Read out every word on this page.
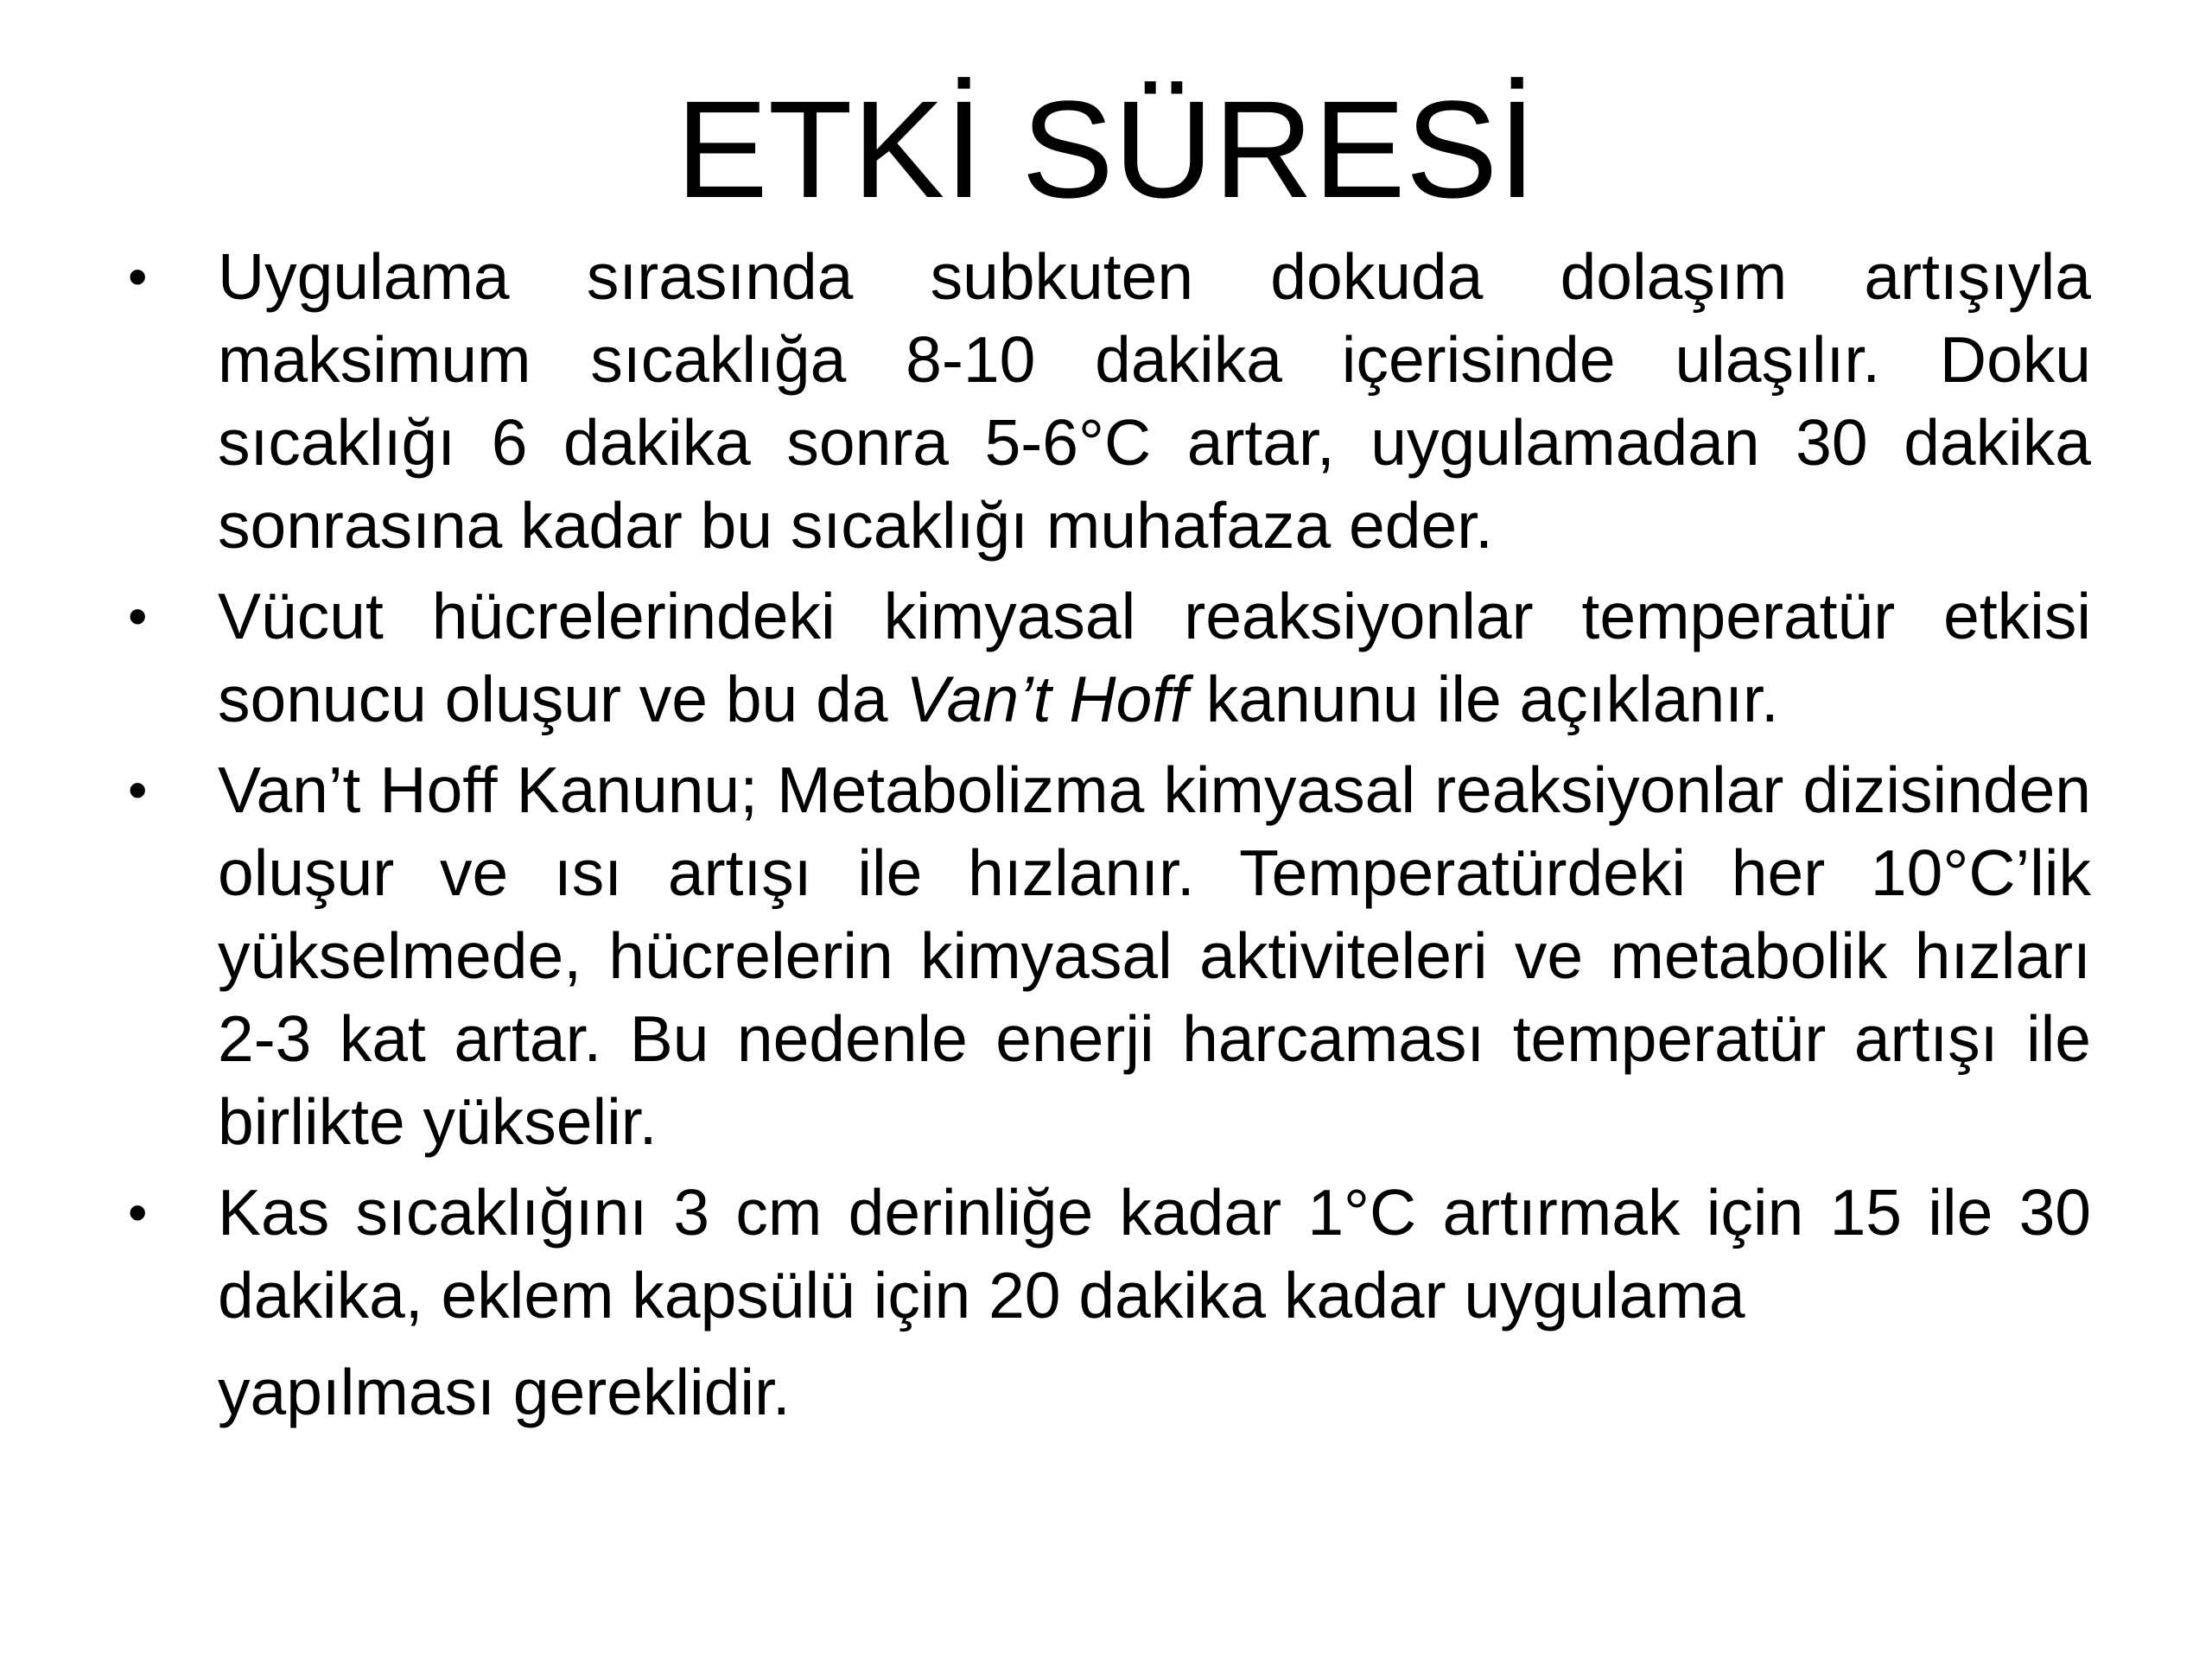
ETKİ SÜRESİ
• Uygulama sırasında subkuten dokuda dolaşım artışıyla maksimum sıcaklığa 8-10 dakika içerisinde ulaşılır. Doku sıcaklığı 6 dakika sonra 5-6°C artar, uygulamadan 30 dakika sonrasına kadar bu sıcaklığı muhafaza eder.
• Vücut hücrelerindeki kimyasal reaksiyonlar temperatür etkisi sonucu oluşur ve bu da Van’t Hoff kanunu ile açıklanır.
• Van’t Hoff Kanunu; Metabolizma kimyasal reaksiyonlar dizisinden oluşur ve ısı artışı ile hızlanır. Temperatürdeki her 10°C’lik yükselmede, hücrelerin kimyasal aktiviteleri ve metabolik hızları 2-3 kat artar. Bu nedenle enerji harcaması temperatür artışı ile birlikte yükselir.
• Kas sıcaklığını 3 cm derinliğe kadar 1°C artırmak için 15 ile 30 dakika, eklem kapsülü için 20 dakika kadar uygulama
yapılması gereklidir.
